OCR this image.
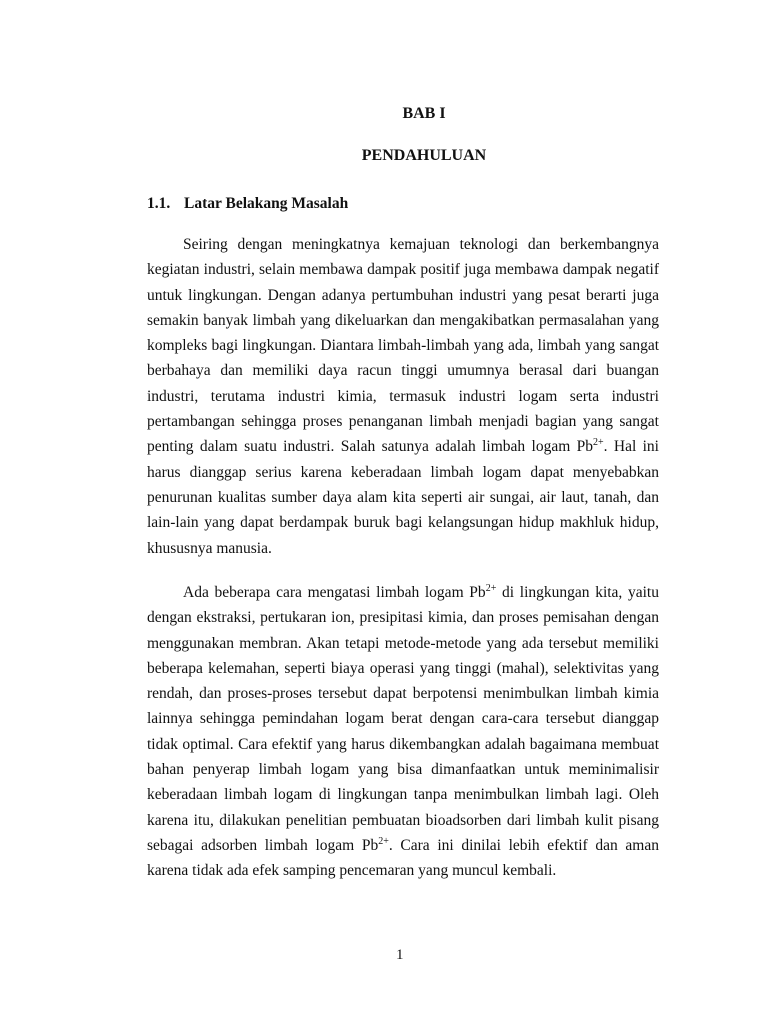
BAB I
PENDAHULUAN
1.1. Latar Belakang Masalah
Seiring dengan meningkatnya kemajuan teknologi dan berkembangnya
kegiatan industri, selain membawa dampak positif juga membawa dampak negatif
untuk lingkungan. Dengan adanya pertumbuhan industri yang pesat berarti juga
semakin banyak limbah yang dikeluarkan dan mengakibatkan permasalahan yang
kompleks bagi lingkungan. Diantara limbah-limbah yang ada, limbah yang sangat
berbahaya dan memiliki daya racun tinggi umumnya berasal dari buangan
industri, terutama industri kimia, termasuk industri logam serta industri
pertambangan sehingga proses penanganan limbah menjadi bagian yang sangat
penting dalam suatu industri. Salah satunya adalah limbah logam $Pb^{2+}$. Hal ini
harus dianggap serius karena keberadaan limbah logam dapat menyebabkan
penurunan kualitas sumber daya alam kita seperti air sungai, air laut, tanah, dan
lain-lain yang dapat berdampak buruk bagi kelangsungan hidup makhluk hidup,
khususnya manusia.
Ada beberapa cara mengatasi limbah logam $Pb^{2+}$ di lingkungan kita, yaitu
dengan ekstraksi, pertukaran ion, presipitasi kimia, dan proses pemisahan dengan
menggunakan membran. Akan tetapi metode-metode yang ada tersebut memiliki
beberapa kelemahan, seperti biaya operasi yang tinggi (mahal), selektivitas yang
rendah, dan proses-proses tersebut dapat berpotensi menimbulkan limbah kimia
lainnya sehingga pemindahan logam berat dengan cara-cara tersebut dianggap
tidak optimal. Cara efektif yang harus dikembangkan adalah bagaimana membuat
bahan penyerap limbah logam yang bisa dimanfaatkan untuk meminimalisir
keberadaan limbah logam di lingkungan tanpa menimbulkan limbah lagi. Oleh
karena itu, dilakukan penelitian pembuatan bioadsorben dari limbah kulit pisang
sebagai adsorben limbah logam $Pb^{2+}$. Cara ini dinilai lebih efektif dan aman
karena tidak ada efek samping pencemaran yang muncul kembali.
1
